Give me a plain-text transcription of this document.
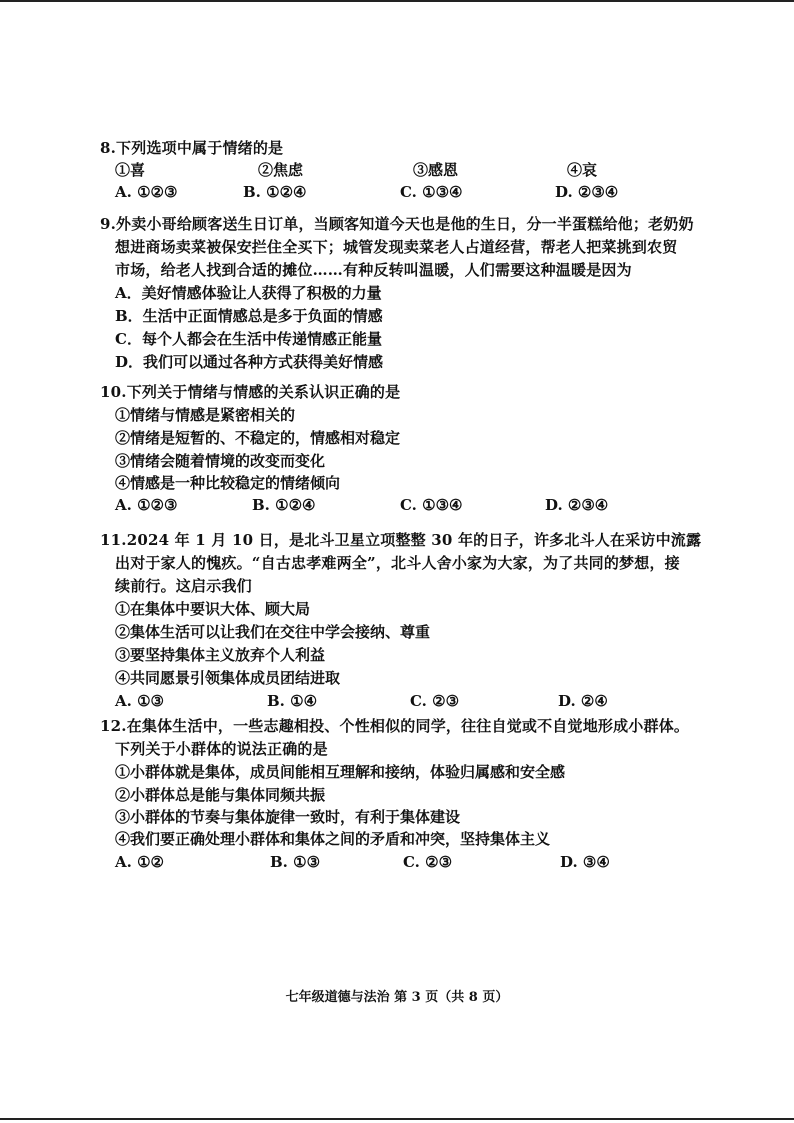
8.下列选项中属于情绪的是
①喜	②焦虑	③感恩	④哀
A. ①②③	B. ①②④	C. ①③④	D. ②③④
9.外卖小哥给顾客送生日订单，当顾客知道今天也是他的生日，分一半蛋糕给他；老奶奶
想进商场卖菜被保安拦住全买下；城管发现卖菜老人占道经营，帮老人把菜挑到农贸
市场，给老人找到合适的摊位……有种反转叫温暖，人们需要这种温暖是因为
A．美好情感体验让人获得了积极的力量
B．生活中正面情感总是多于负面的情感
C．每个人都会在生活中传递情感正能量
D．我们可以通过各种方式获得美好情感
10.下列关于情绪与情感的关系认识正确的是
①情绪与情感是紧密相关的
②情绪是短暂的、不稳定的，情感相对稳定
③情绪会随着情境的改变而变化
④情感是一种比较稳定的情绪倾向
A. ①②③	B. ①②④	C. ①③④	D. ②③④
11.2024 年 1 月 10 日，是北斗卫星立项整整 30 年的日子，许多北斗人在采访中流露
出对于家人的愧疚。“自古忠孝难两全”，北斗人舍小家为大家，为了共同的梦想，接
续前行。这启示我们
①在集体中要识大体、顾大局
②集体生活可以让我们在交往中学会接纳、尊重
③要坚持集体主义放弃个人利益
④共同愿景引领集体成员团结进取
A. ①③	B. ①④	C. ②③	D. ②④
12.在集体生活中，一些志趣相投、个性相似的同学，往往自觉或不自觉地形成小群体。
下列关于小群体的说法正确的是
①小群体就是集体，成员间能相互理解和接纳，体验归属感和安全感
②小群体总是能与集体同频共振
③小群体的节奏与集体旋律一致时，有利于集体建设
④我们要正确处理小群体和集体之间的矛盾和冲突，坚持集体主义
A. ①②	B. ①③	C. ②③	D. ③④
七年级道德与法治 第 3 页（共 8 页）
